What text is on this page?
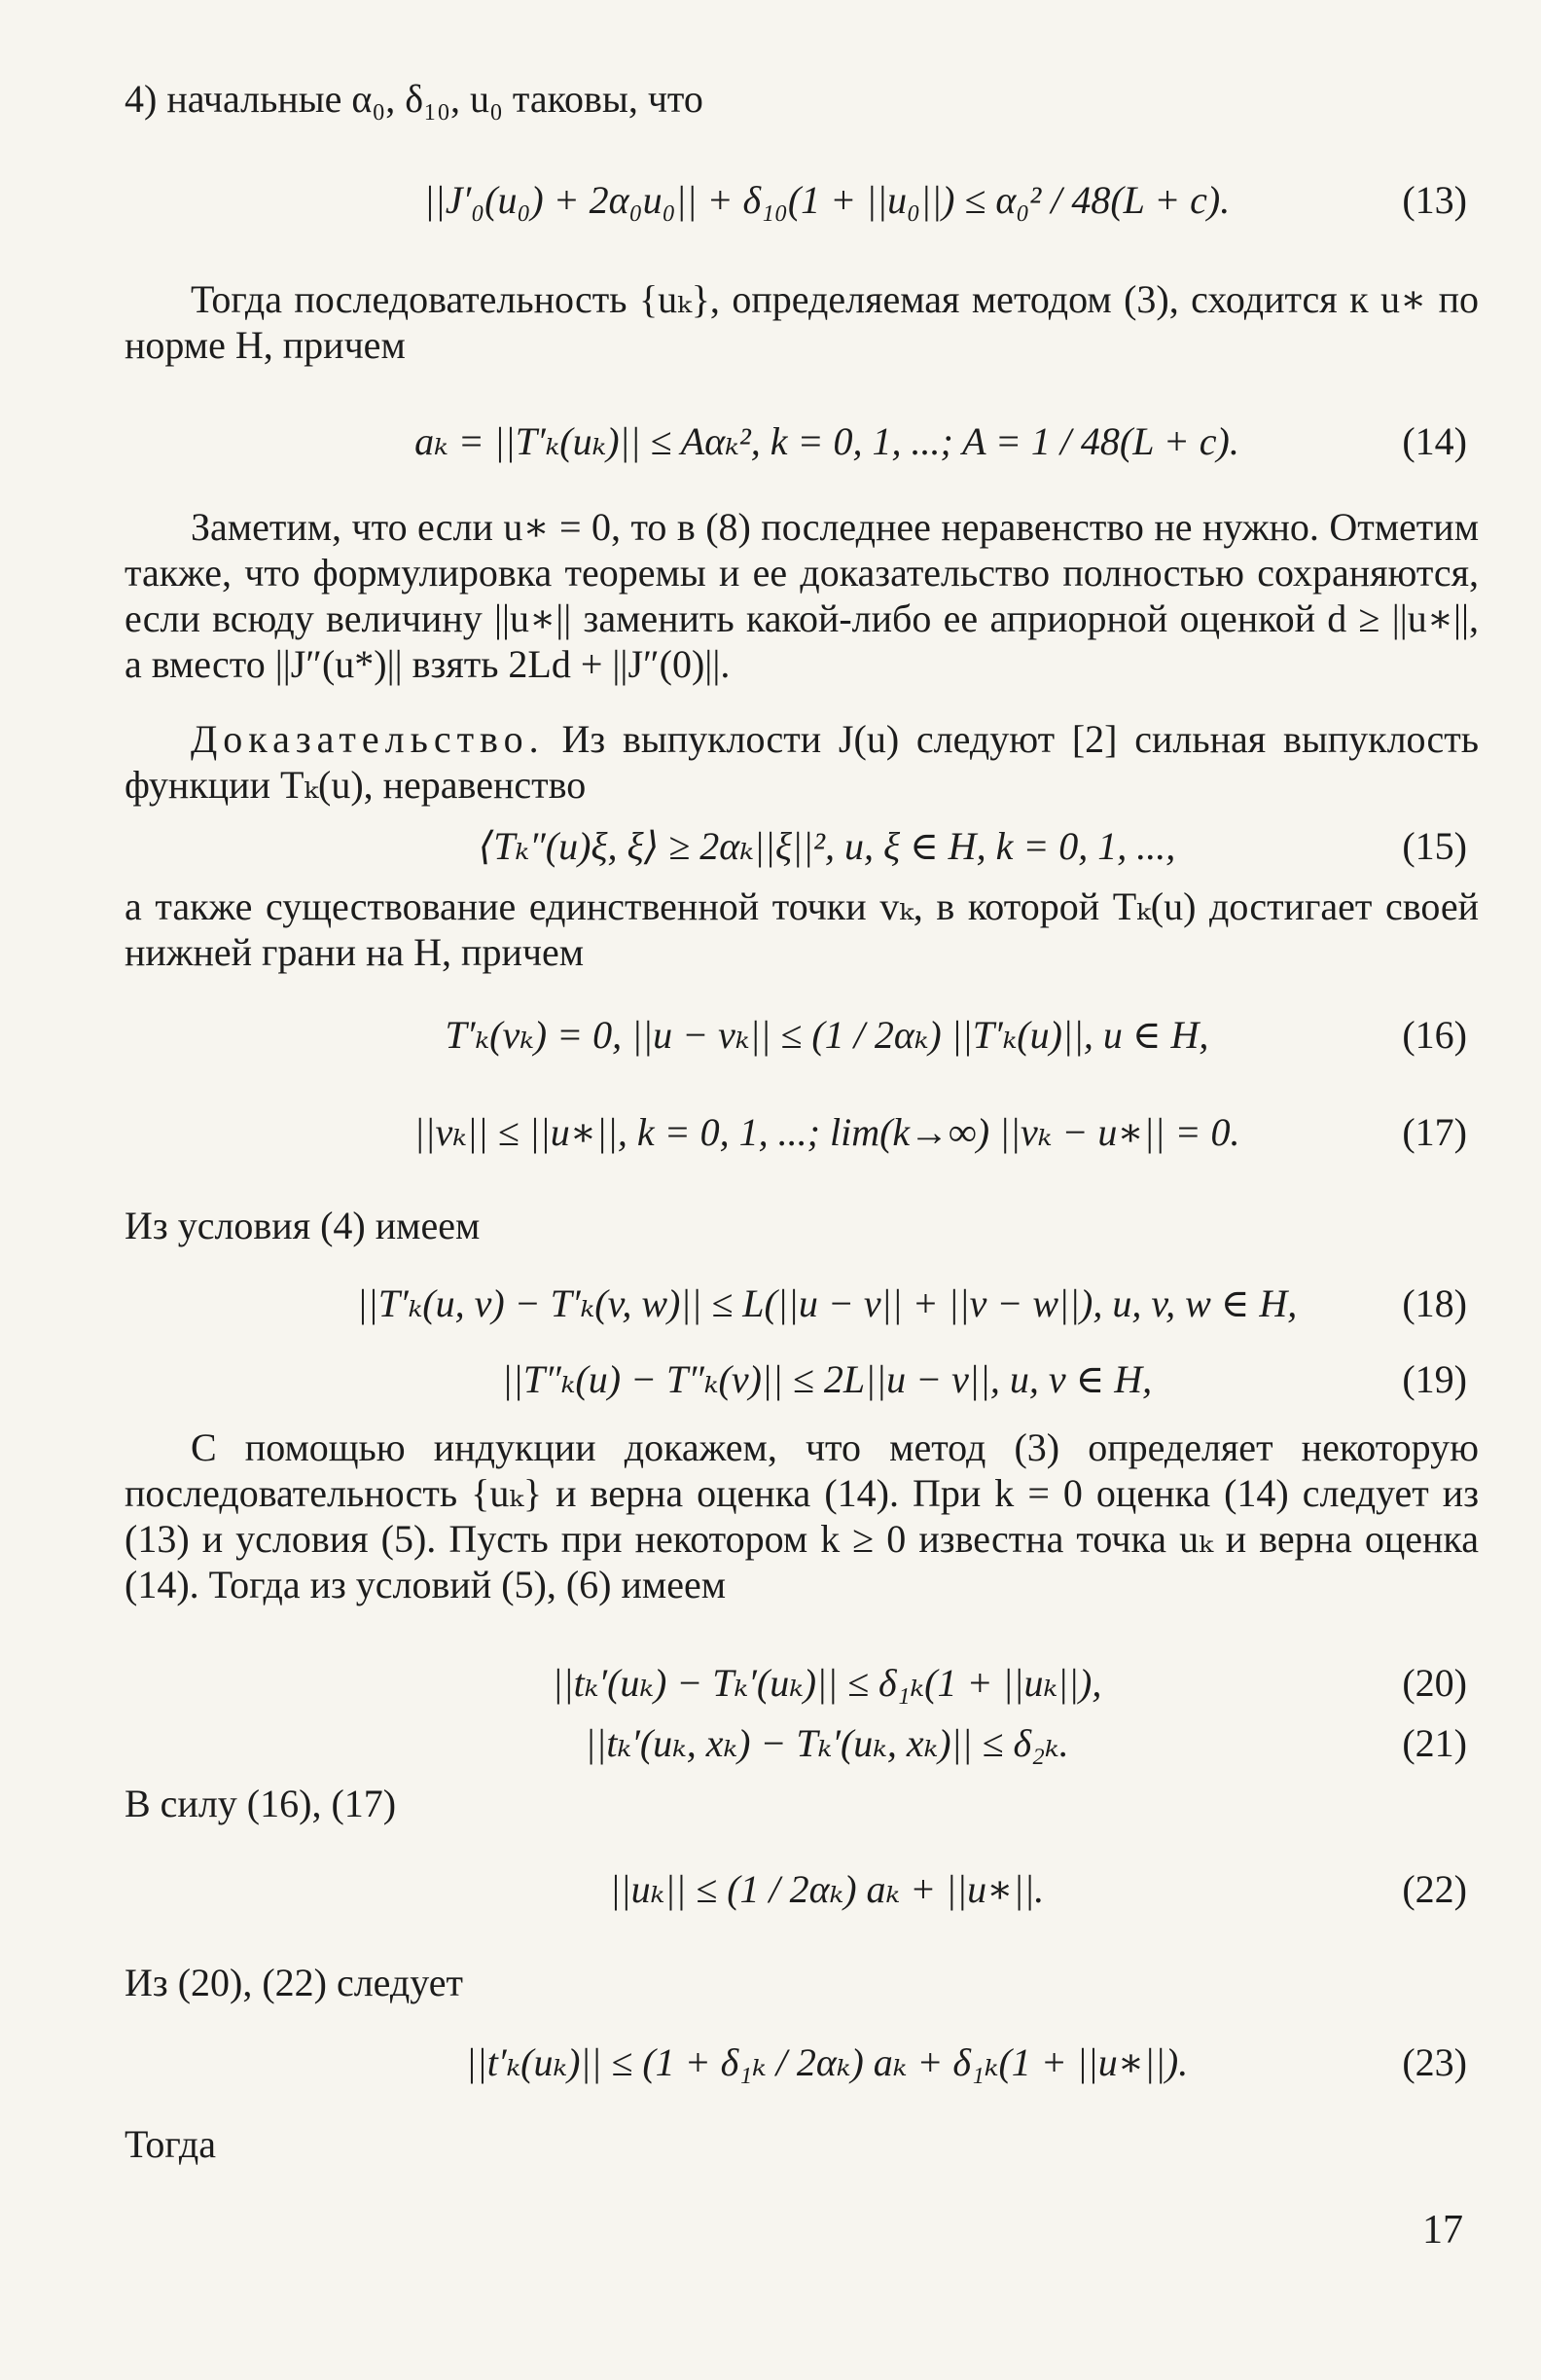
4) начальные α₀, δ₁₀, u₀ таковы, что

||J′₀(u₀) + 2α₀u₀|| + δ₁₀(1 + ||u₀||) ≤ α₀² / 48(L + c).	(13)

Тогда последовательность {uₖ}, определяемая методом (3), сходится к u∗ по норме H, причем

aₖ = ||T′ₖ(uₖ)|| ≤ Aαₖ², k = 0, 1, ...; A = 1 / 48(L + c).	(14)

Заметим, что если u∗ = 0, то в (8) последнее неравенство не нужно. Отметим также, что формулировка теоремы и ее доказательство полностью сохраняются, если всюду величину ||u∗|| заменить какой-либо ее априорной оценкой d ≥ ||u∗||, а вместо ||J″(u*)|| взять 2Ld + ||J″(0)||.

Доказательство. Из выпуклости J(u) следуют [2] сильная выпуклость функции Tₖ(u), неравенство

⟨Tₖ″(u)ξ, ξ⟩ ≥ 2αₖ||ξ||², u, ξ ∈ H, k = 0, 1, ...,	(15)

а также существование единственной точки vₖ, в которой Tₖ(u) достигает своей нижней грани на H, причем

T′ₖ(vₖ) = 0, ||u − vₖ|| ≤ (1 / 2αₖ) ||T′ₖ(u)||, u ∈ H,	(16)
||vₖ|| ≤ ||u∗||, k = 0, 1, ...; lim(k→∞) ||vₖ − u∗|| = 0.	(17)

Из условия (4) имеем

||T′ₖ(u, v) − T′ₖ(v, w)|| ≤ L(||u − v|| + ||v − w||), u, v, w ∈ H,	(18)
||T″ₖ(u) − T″ₖ(v)|| ≤ 2L||u − v||, u, v ∈ H,	(19)

С помощью индукции докажем, что метод (3) определяет некоторую последовательность {uₖ} и верна оценка (14). При k = 0 оценка (14) следует из (13) и условия (5). Пусть при некотором k ≥ 0 известна точка uₖ и верна оценка (14). Тогда из условий (5), (6) имеем

||tₖ′(uₖ) − Tₖ′(uₖ)|| ≤ δ₁ₖ(1 + ||uₖ||),	(20)
||tₖ′(uₖ, xₖ) − Tₖ′(uₖ, xₖ)|| ≤ δ₂ₖ.	(21)

В силу (16), (17)

||uₖ|| ≤ (1 / 2αₖ) aₖ + ||u∗||.	(22)

Из (20), (22) следует

||t′ₖ(uₖ)|| ≤ (1 + δ₁ₖ / 2αₖ) aₖ + δ₁ₖ(1 + ||u∗||).	(23)

Тогда

17
